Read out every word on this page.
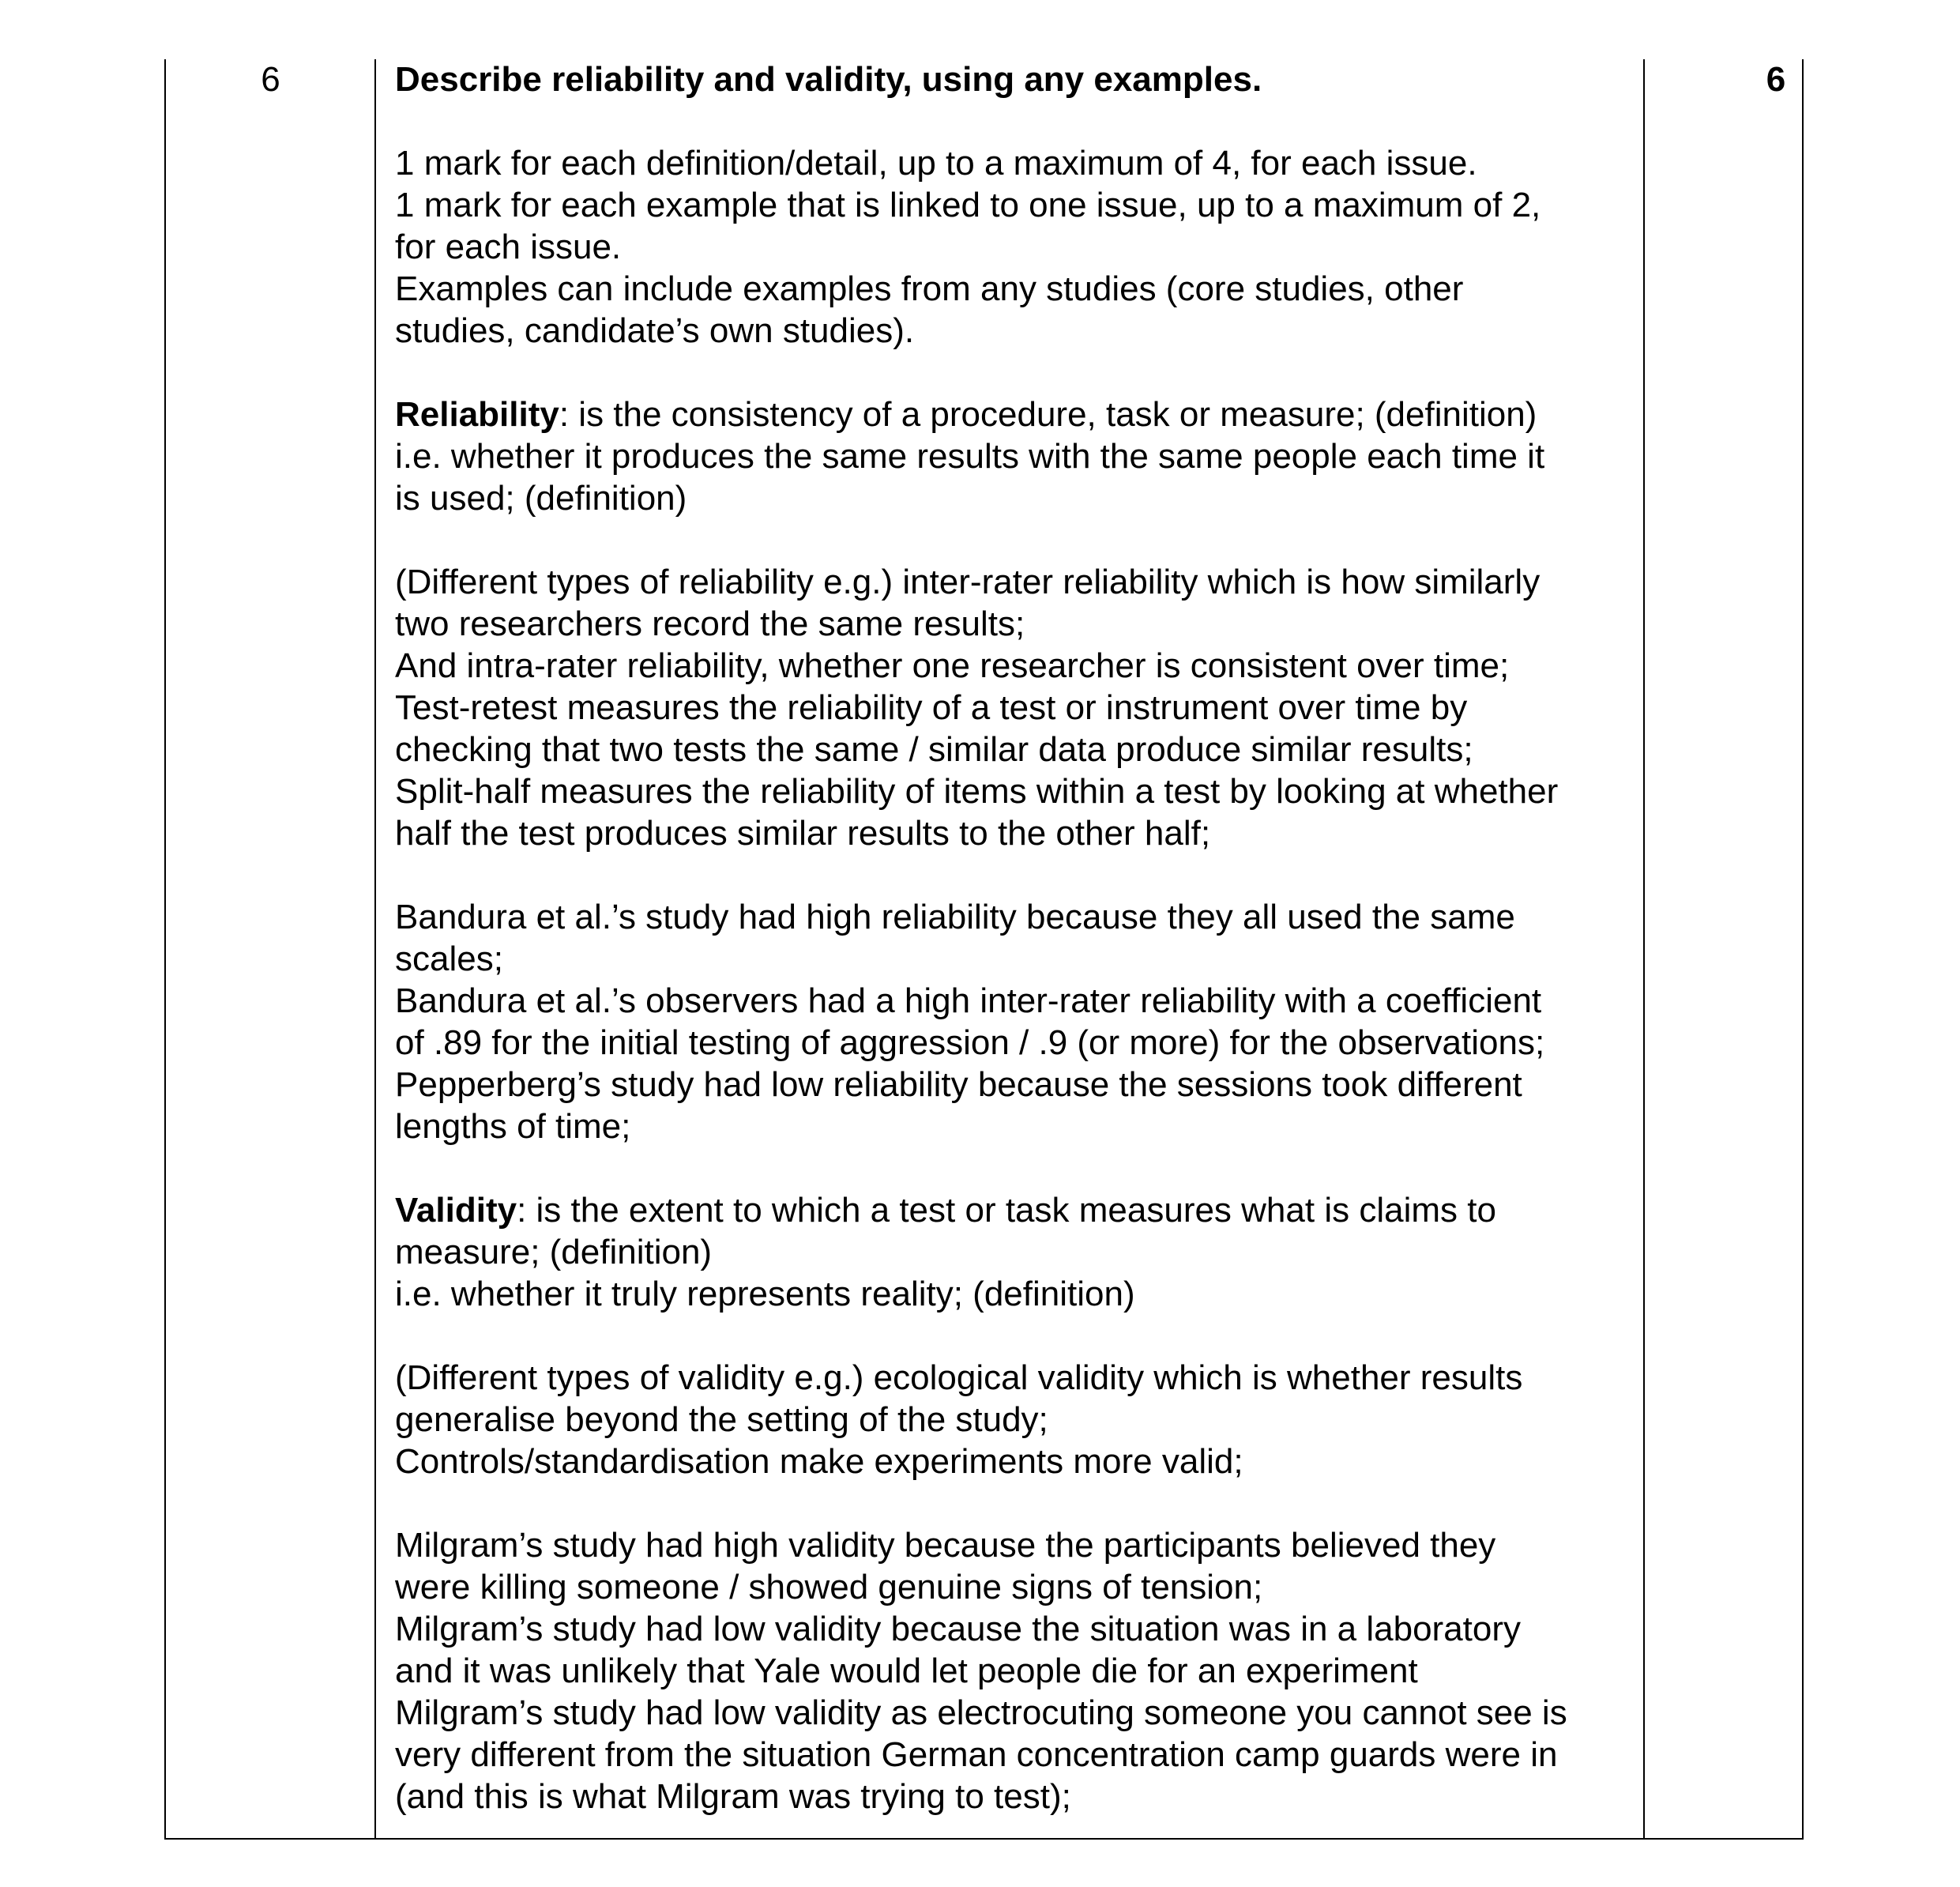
6	6
Describe reliability and validity, using any examples.
1 mark for each definition/detail, up to a maximum of 4, for each issue.
1 mark for each example that is linked to one issue, up to a maximum of 2,
for each issue.
Examples can include examples from any studies (core studies, other
studies, candidate’s own studies).
Reliability: is the consistency of a procedure, task or measure; (definition)
i.e. whether it produces the same results with the same people each time it
is used; (definition)
(Different types of reliability e.g.) inter-rater reliability which is how similarly
two researchers record the same results;
And intra-rater reliability, whether one researcher is consistent over time;
Test-retest measures the reliability of a test or instrument over time by
checking that two tests the same / similar data produce similar results;
Split-half measures the reliability of items within a test by looking at whether
half the test produces similar results to the other half;
Bandura et al.’s study had high reliability because they all used the same
scales;
Bandura et al.’s observers had a high inter-rater reliability with a coefficient
of .89 for the initial testing of aggression / .9 (or more) for the observations;
Pepperberg’s study had low reliability because the sessions took different
lengths of time;
Validity: is the extent to which a test or task measures what is claims to
measure; (definition)
i.e. whether it truly represents reality; (definition)
(Different types of validity e.g.) ecological validity which is whether results
generalise beyond the setting of the study;
Controls/standardisation make experiments more valid;
Milgram’s study had high validity because the participants believed they
were killing someone / showed genuine signs of tension;
Milgram’s study had low validity because the situation was in a laboratory
and it was unlikely that Yale would let people die for an experiment
Milgram’s study had low validity as electrocuting someone you cannot see is
very different from the situation German concentration camp guards were in
(and this is what Milgram was trying to test);
